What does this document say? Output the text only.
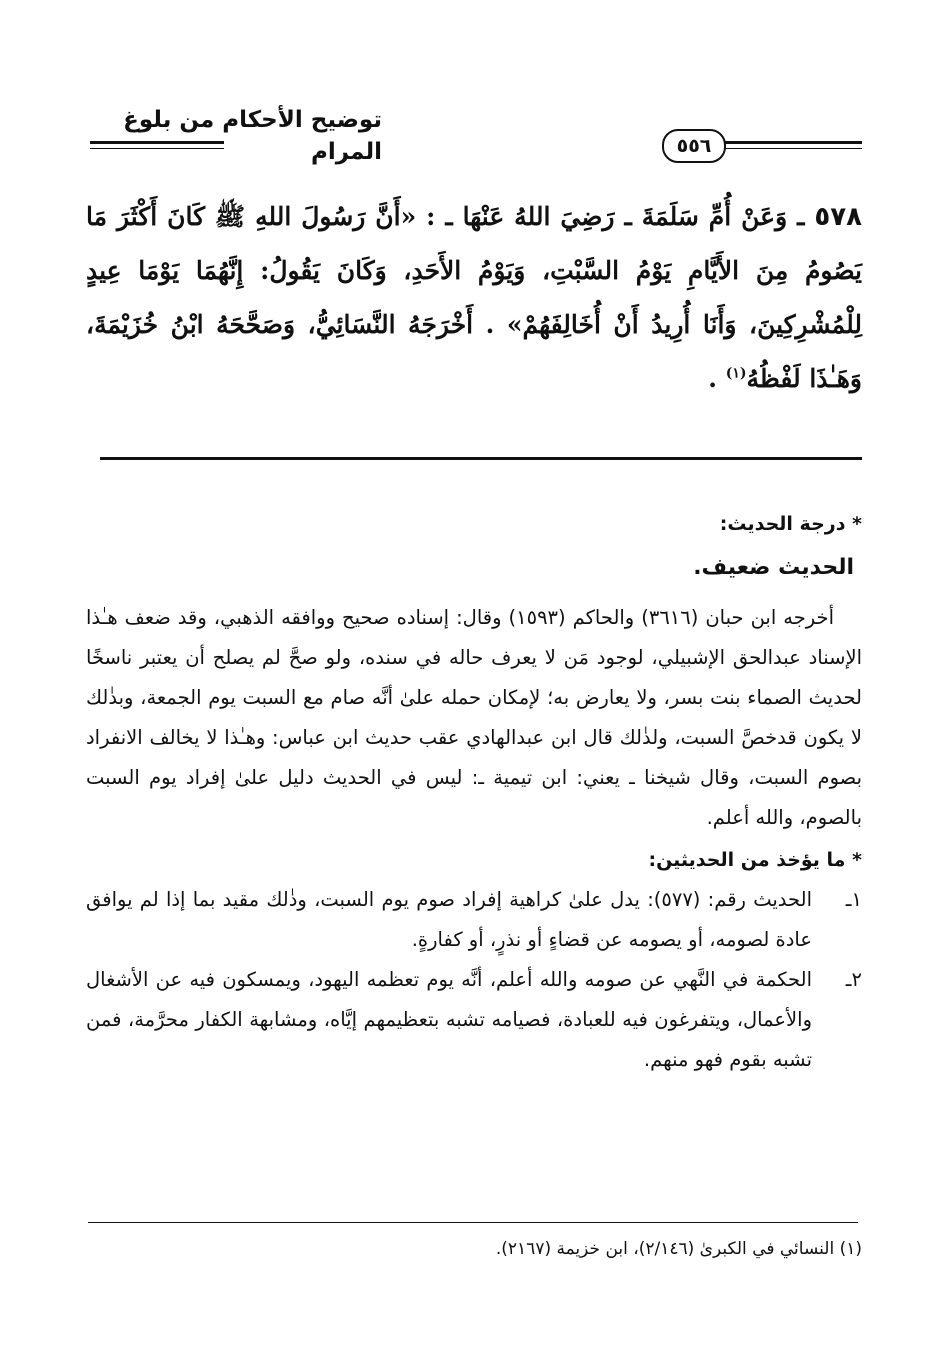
توضيح الأحكام من بلوغ المرام	٥٥٦
٥٧٨ ـ وَعَنْ أُمِّ سَلَمَةَ ـ رَضِيَ اللهُ عَنْهَا ـ : «أَنَّ رَسُولَ اللهِ ﷺ كَانَ أَكْثَرَ مَا يَصُومُ مِنَ الأَيَّامِ يَوْمُ السَّبْتِ، وَيَوْمُ الأَحَدِ، وَكَانَ يَقُولُ: إِنَّهُمَا يَوْمَا عِيدٍ لِلْمُشْرِكِينَ، وَأَنَا أُرِيدُ أَنْ أُخَالِفَهُمْ» . أَخْرَجَهُ النَّسَائِيُّ، وَصَحَّحَهُ ابْنُ خُزَيْمَةَ، وَهَـٰذَا لَفْظُهُ$^{(١)}$ .

* درجة الحديث:

الحديث ضعيف.

أخرجه ابن حبان (٣٦١٦) والحاكم (١٥٩٣) وقال: إسناده صحيح ووافقه الذهبي، وقد ضعف هـٰذا الإسناد عبدالحق الإشبيلي، لوجود مَن لا يعرف حاله في سنده، ولو صحَّ لم يصلح أن يعتبر ناسخًا لحديث الصماء بنت بسر، ولا يعارض به؛ لإمكان حمله علىٰ أنَّه صام مع السبت يوم الجمعة، وبذٰلك لا يكون قدخصَّ السبت، ولذٰلك قال ابن عبدالهادي عقب حديث ابن عباس: وهـٰذا لا يخالف الانفراد بصوم السبت، وقال شيخنا ـ يعني: ابن تيمية ـ: ليس في الحديث دليل علىٰ إفراد يوم السبت بالصوم، والله أعلم.

* ما يؤخذ من الحديثين:

١ـ
الحديث رقم: (٥٧٧): يدل علىٰ كراهية إفراد صوم يوم السبت، وذٰلك مقيد بما إذا لم يوافق عادة لصومه، أو يصومه عن قضاءٍ أو نذرٍ، أو كفارةٍ.

٢ـ
الحكمة في النَّهي عن صومه والله أعلم، أنَّه يوم تعظمه اليهود، ويمسكون فيه عن الأشغال والأعمال، ويتفرغون فيه للعبادة، فصيامه تشبه بتعظيمهم إيَّاه، ومشابهة الكفار محرَّمة، فمن تشبه بقوم فهو منهم.

(١) النسائي في الكبرىٰ (٢/١٤٦)، ابن خزيمة (٢١٦٧).
